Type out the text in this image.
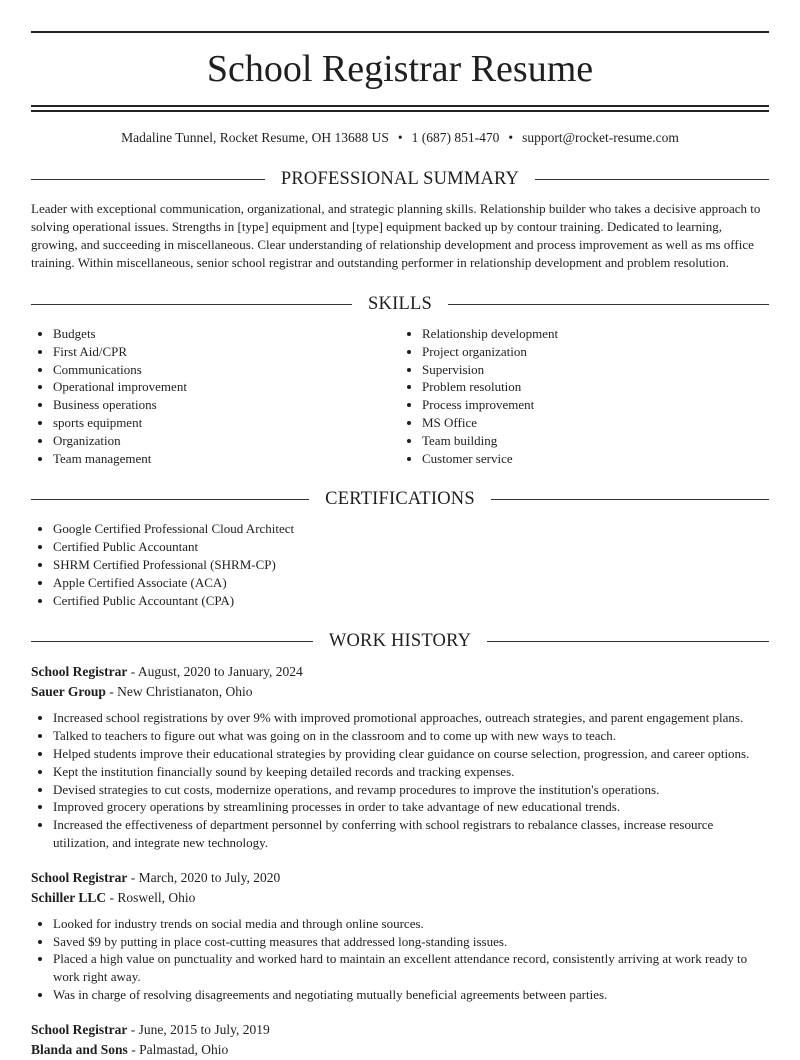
School Registrar Resume
Madaline Tunnel, Rocket Resume, OH 13688 US • 1 (687) 851-470 • support@rocket-resume.com
PROFESSIONAL SUMMARY

Leader with exceptional communication, organizational, and strategic planning skills. Relationship builder who takes a decisive approach to solving operational issues. Strengths in [type] equipment and [type] equipment backed up by contour training. Dedicated to learning, growing, and succeeding in miscellaneous. Clear understanding of relationship development and process improvement as well as ms office training. Within miscellaneous, senior school registrar and outstanding performer in relationship development and problem resolution.

SKILLS
• Budgets
• First Aid/CPR
• Communications
• Operational improvement
• Business operations
• sports equipment
• Organization
• Team management
• Relationship development
• Project organization
• Supervision
• Problem resolution
• Process improvement
• MS Office
• Team building
• Customer service
CERTIFICATIONS
• Google Certified Professional Cloud Architect
• Certified Public Accountant
• SHRM Certified Professional (SHRM-CP)
• Apple Certified Associate (ACA)
• Certified Public Accountant (CPA)
WORK HISTORY
School Registrar - August, 2020 to January, 2024
Sauer Group - New Christianaton, Ohio
• Increased school registrations by over 9% with improved promotional approaches, outreach strategies, and parent engagement plans.
• Talked to teachers to figure out what was going on in the classroom and to come up with new ways to teach.
• Helped students improve their educational strategies by providing clear guidance on course selection, progression, and career options.
• Kept the institution financially sound by keeping detailed records and tracking expenses.
• Devised strategies to cut costs, modernize operations, and revamp procedures to improve the institution's operations.
• Improved grocery operations by streamlining processes in order to take advantage of new educational trends.
• Increased the effectiveness of department personnel by conferring with school registrars to rebalance classes, increase resource utilization, and integrate new technology.
School Registrar - March, 2020 to July, 2020
Schiller LLC - Roswell, Ohio
• Looked for industry trends on social media and through online sources.
• Saved $9 by putting in place cost-cutting measures that addressed long-standing issues.
• Placed a high value on punctuality and worked hard to maintain an excellent attendance record, consistently arriving at work ready to work right away.
• Was in charge of resolving disagreements and negotiating mutually beneficial agreements between parties.
School Registrar - June, 2015 to July, 2019
Blanda and Sons - Palmastad, Ohio
